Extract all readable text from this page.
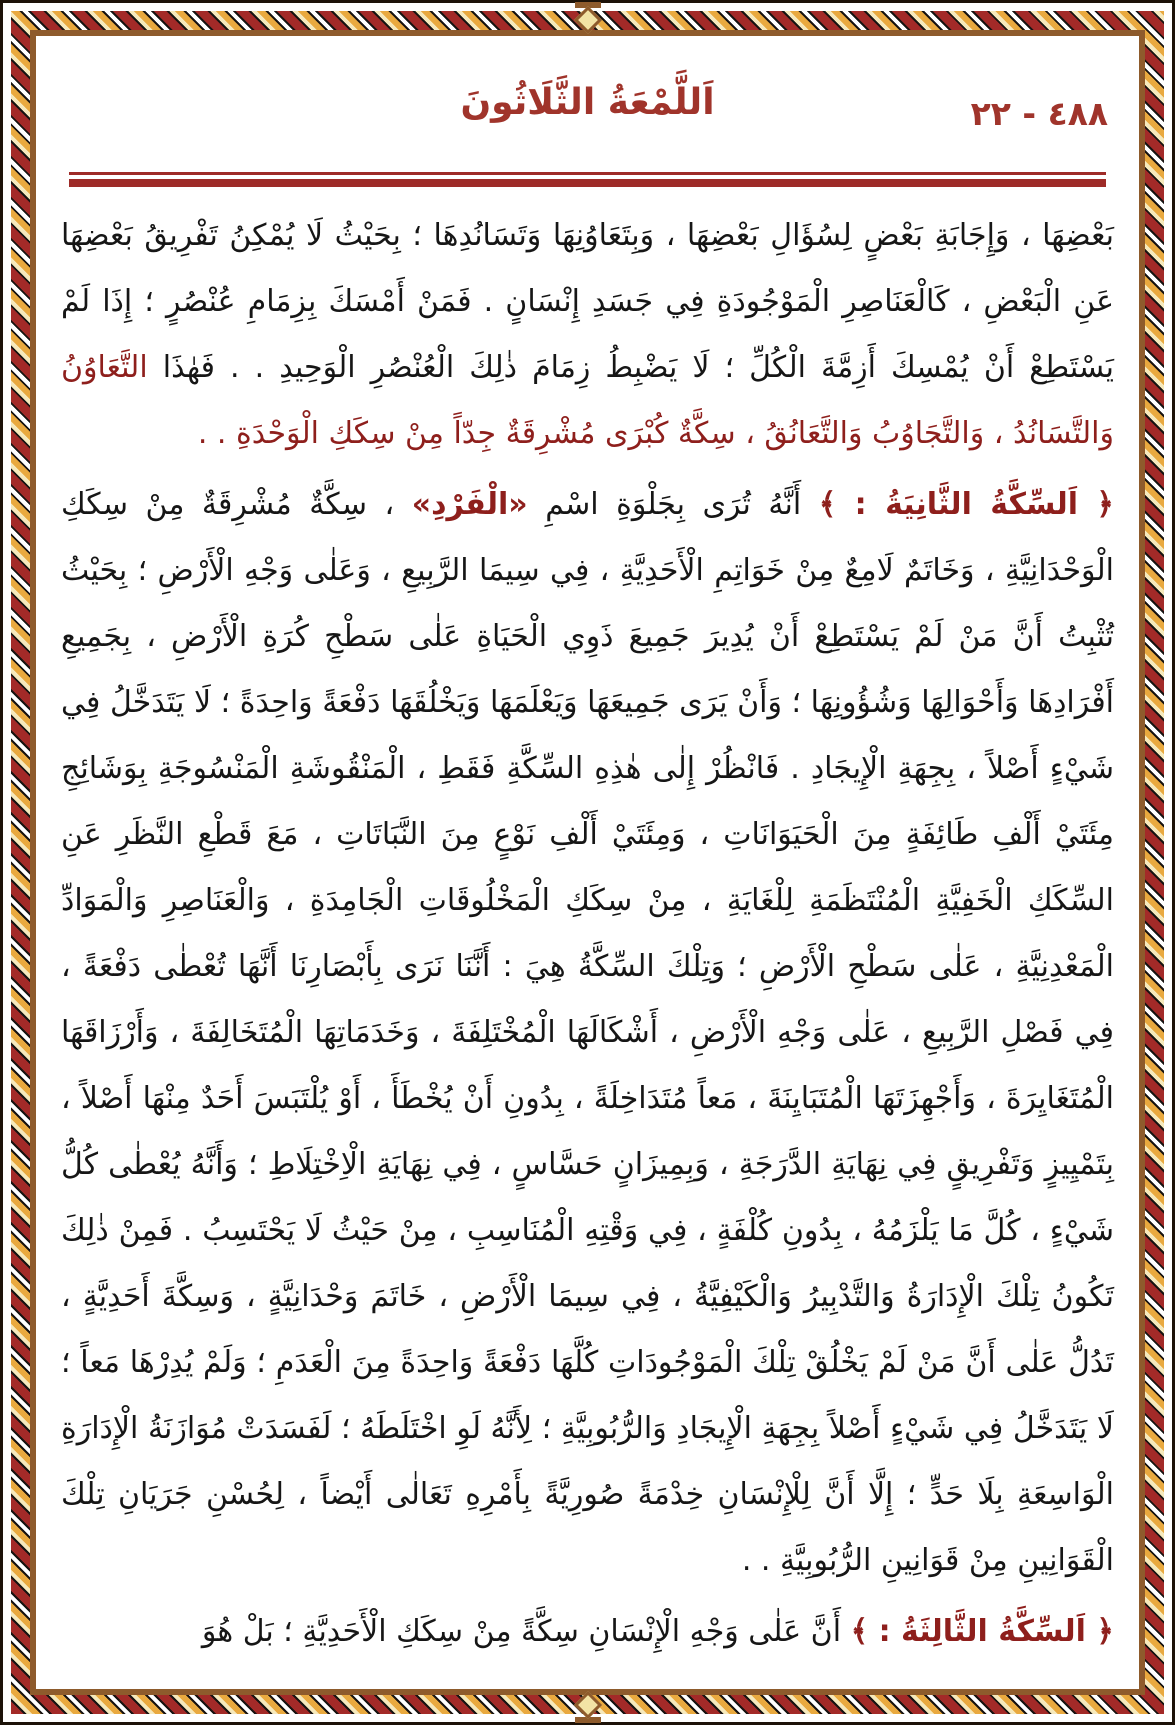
٤٨٨ - ٢٢
اَللَّمْعَةُ الثَّلَاثُونَ

بَعْضِهَا ، وَإِجَابَةِ بَعْضٍ لِسُؤَالِ بَعْضِهَا ، وَبِتَعَاوُنِهَا وَتَسَانُدِهَا ؛ بِحَيْثُ لَا يُمْكِنُ تَفْرِيقُ بَعْضِهَا عَنِ الْبَعْضِ ، كَالْعَنَاصِرِ الْمَوْجُودَةِ فِي جَسَدِ إِنْسَانٍ . فَمَنْ أَمْسَكَ بِزِمَامِ عُنْصُرٍ ؛ إِذَا لَمْ يَسْتَطِعْ أَنْ يُمْسِكَ أَزِمَّةَ الْكُلِّ ؛ لَا يَضْبِطُ زِمَامَ ذٰلِكَ الْعُنْصُرِ الْوَحِيدِ . . فَهٰذَا التَّعَاوُنُ وَالتَّسَانُدُ ، وَالتَّجَاوُبُ وَالتَّعَانُقُ ، سِكَّةٌ كُبْرَى مُشْرِقَةٌ جِدّاً مِنْ سِكَكِ الْوَحْدَةِ . .

﴿ اَلسِّكَّةُ الثَّانِيَةُ : ﴾ أَنَّهُ تُرَى بِجَلْوَةِ اسْمِ «الْفَرْدِ» ، سِكَّةٌ مُشْرِقَةٌ مِنْ سِكَكِ الْوَحْدَانِيَّةِ ، وَخَاتَمٌ لَامِعٌ مِنْ خَوَاتِمِ الْأَحَدِيَّةِ ، فِي سِيمَا الرَّبِيعِ ، وَعَلٰى وَجْهِ الْأَرْضِ ؛ بِحَيْثُ تُثْبِتُ أَنَّ مَنْ لَمْ يَسْتَطِعْ أَنْ يُدِيرَ جَمِيعَ ذَوِي الْحَيَاةِ عَلٰى سَطْحِ كُرَةِ الْأَرْضِ ، بِجَمِيعِ أَفْرَادِهَا وَأَحْوَالِهَا وَشُؤُونِهَا ؛ وَأَنْ يَرَى جَمِيعَهَا وَيَعْلَمَهَا وَيَخْلُقَهَا دَفْعَةً وَاحِدَةً ؛ لَا يَتَدَخَّلُ فِي شَيْءٍ أَصْلاً ، بِجِهَةِ الْإِيجَادِ . فَانْظُرْ إِلٰى هٰذِهِ السِّكَّةِ فَقَطِ ، الْمَنْقُوشَةِ الْمَنْسُوجَةِ بِوَشَائِجِ مِئَتَيْ أَلْفِ طَائِفَةٍ مِنَ الْحَيَوَانَاتِ ، وَمِئَتَيْ أَلْفِ نَوْعٍ مِنَ النَّبَاتَاتِ ، مَعَ قَطْعِ النَّظَرِ عَنِ السِّكَكِ الْخَفِيَّةِ الْمُنْتَظَمَةِ لِلْغَايَةِ ، مِنْ سِكَكِ الْمَخْلُوقَاتِ الْجَامِدَةِ ، وَالْعَنَاصِرِ وَالْمَوَادِّ الْمَعْدِنِيَّةِ ، عَلٰى سَطْحِ الْأَرْضِ ؛ وَتِلْكَ السِّكَّةُ هِيَ : أَنَّنَا نَرَى بِأَبْصَارِنَا أَنَّهَا تُعْطٰى دَفْعَةً ، فِي فَصْلِ الرَّبِيعِ ، عَلٰى وَجْهِ الْأَرْضِ ، أَشْكَالَهَا الْمُخْتَلِفَةَ ، وَخَدَمَاتِهَا الْمُتَخَالِفَةَ ، وَأَرْزَاقَهَا الْمُتَغَايِرَةَ ، وَأَجْهِزَتَهَا الْمُتَبَايِنَةَ ، مَعاً مُتَدَاخِلَةً ، بِدُونِ أَنْ يُخْطَأَ ، أَوْ يُلْتَبَسَ أَحَدٌ مِنْهَا أَصْلاً ، بِتَمْيِيزٍ وَتَفْرِيقٍ فِي نِهَايَةِ الدَّرَجَةِ ، وَبِمِيزَانٍ حَسَّاسٍ ، فِي نِهَايَةِ الْاِخْتِلَاطِ ؛ وَأَنَّهُ يُعْطٰى كُلُّ شَيْءٍ ، كُلَّ مَا يَلْزَمُهُ ، بِدُونِ كُلْفَةٍ ، فِي وَقْتِهِ الْمُنَاسِبِ ، مِنْ حَيْثُ لَا يَحْتَسِبُ . فَمِنْ ذٰلِكَ تَكُونُ تِلْكَ الْإِدَارَةُ وَالتَّدْبِيرُ وَالْكَيْفِيَّةُ ، فِي سِيمَا الْأَرْضِ ، خَاتَمَ وَحْدَانِيَّةٍ ، وَسِكَّةَ أَحَدِيَّةٍ ، تَدُلُّ عَلٰى أَنَّ مَنْ لَمْ يَخْلُقْ تِلْكَ الْمَوْجُودَاتِ كُلَّهَا دَفْعَةً وَاحِدَةً مِنَ الْعَدَمِ ؛ وَلَمْ يُدِرْهَا مَعاً ؛ لَا يَتَدَخَّلُ فِي شَيْءٍ أَصْلاً بِجِهَةِ الْإِيجَادِ وَالرُّبُوبِيَّةِ ؛ لِأَنَّهُ لَوِ اخْتَلَطَهُ ؛ لَفَسَدَتْ مُوَازَنَةُ الْإِدَارَةِ الْوَاسِعَةِ بِلَا حَدٍّ ؛ إِلَّا أَنَّ لِلْإِنْسَانِ خِدْمَةً صُورِيَّةً بِأَمْرِهِ تَعَالٰى أَيْضاً ، لِحُسْنِ جَرَيَانِ تِلْكَ الْقَوَانِينِ مِنْ قَوَانِينِ الرُّبُوبِيَّةِ . .

﴿ اَلسِّكَّةُ الثَّالِثَةُ : ﴾ أَنَّ عَلٰى وَجْهِ الْإِنْسَانِ سِكَّةً مِنْ سِكَكِ الْأَحَدِيَّةِ ؛ بَلْ هُوَ
